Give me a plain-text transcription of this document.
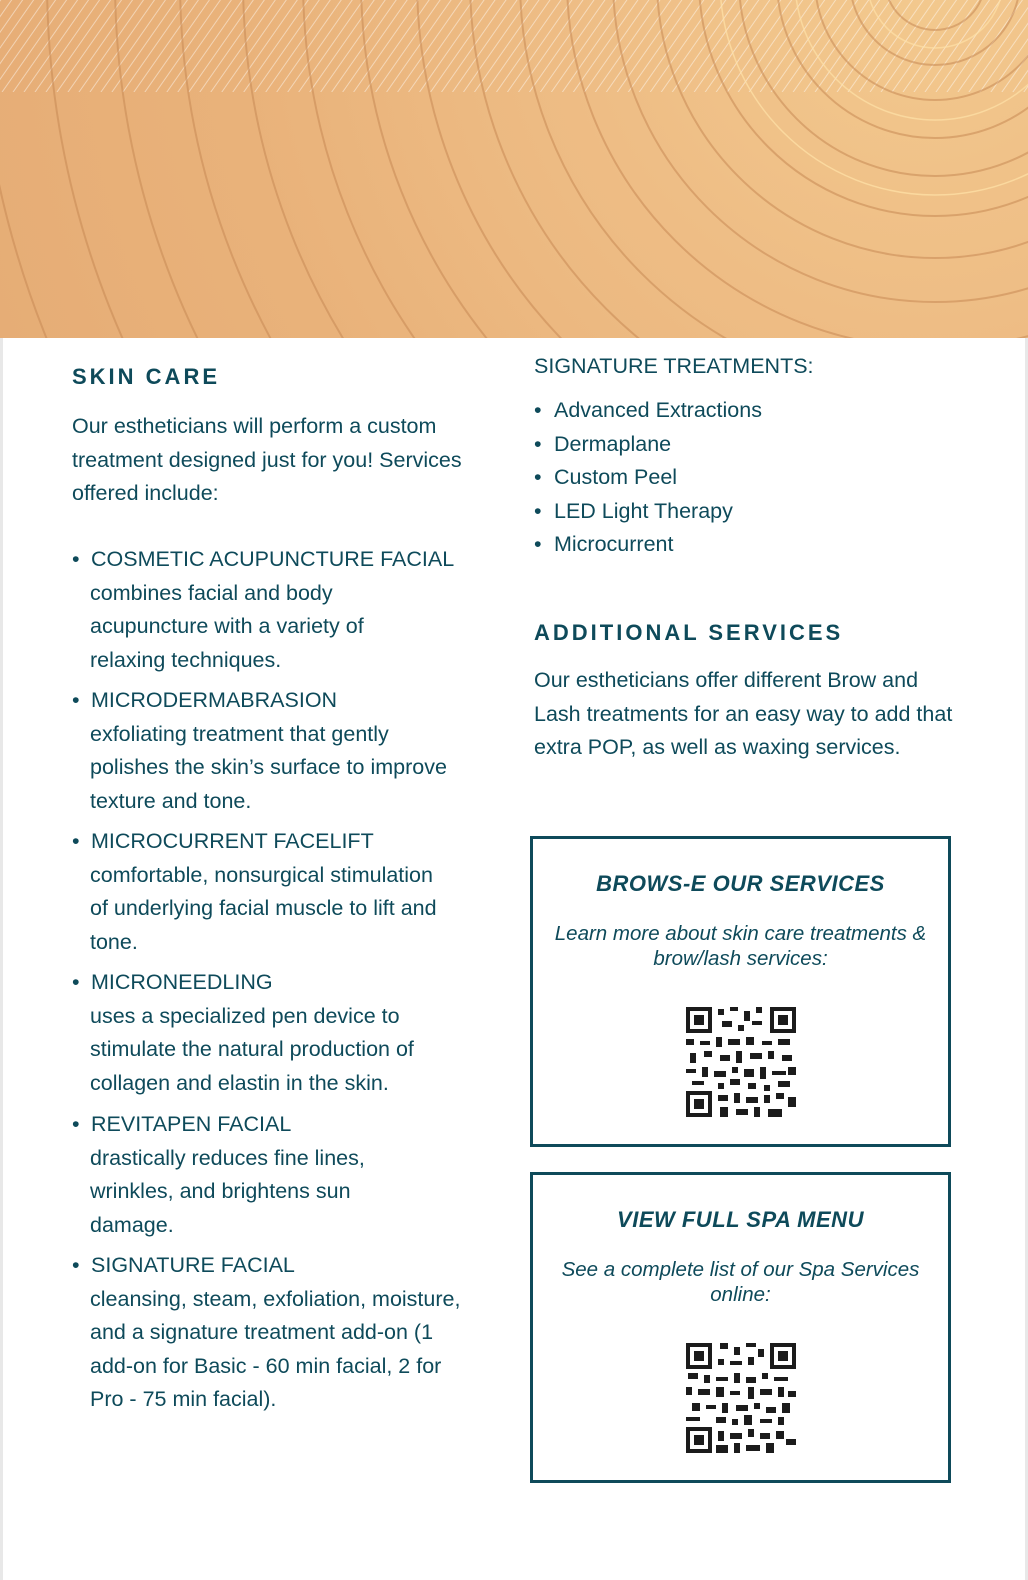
SKIN CARE
Our estheticians will perform a custom treatment designed just for you! Services offered include:
• COSMETIC ACUPUNCTURE FACIAL
combines facial and body acupuncture with a variety of relaxing techniques.
• MICRODERMABRASION
exfoliating treatment that gently polishes the skin’s surface to improve texture and tone.
• MICROCURRENT FACELIFT
comfortable, nonsurgical stimulation of underlying facial muscle to lift and tone.
• MICRONEEDLING
uses a specialized pen device to stimulate the natural production of collagen and elastin in the skin.
• REVITAPEN FACIAL
drastically reduces fine lines, wrinkles, and brightens sun damage.
• SIGNATURE FACIAL
cleansing, steam, exfoliation, moisture, and a signature treatment add-on (1 add-on for Basic - 60 min facial, 2 for Pro - 75 min facial).
SIGNATURE TREATMENTS:
• Advanced Extractions
• Dermaplane
• Custom Peel
• LED Light Therapy
• Microcurrent
ADDITIONAL SERVICES
Our estheticians offer different Brow and Lash treatments for an easy way to add that extra POP, as well as waxing services.
BROWS-E OUR SERVICES
Learn more about skin care treatments & brow/lash services:
VIEW FULL SPA MENU
See a complete list of our Spa Services online:
